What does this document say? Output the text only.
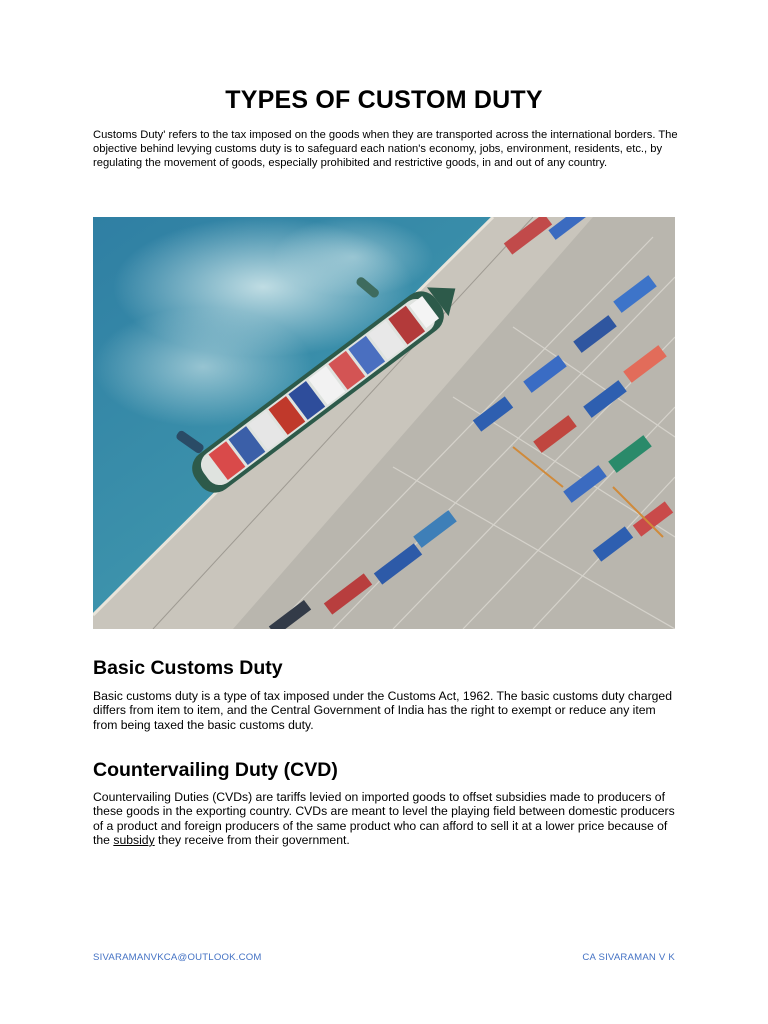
TYPES OF CUSTOM DUTY

Customs Duty' refers to the tax imposed on the goods when they are transported across the international borders. The objective behind levying customs duty is to safeguard each nation's economy, jobs, environment, residents, etc., by regulating the movement of goods, especially prohibited and restrictive goods, in and out of any country.

Basic Customs Duty

Basic customs duty is a type of tax imposed under the Customs Act, 1962. The basic customs duty charged differs from item to item, and the Central Government of India has the right to exempt or reduce any item from being taxed the basic customs duty.

Countervailing Duty (CVD)

Countervailing Duties (CVDs) are tariffs levied on imported goods to offset subsidies made to producers of these goods in the exporting country. CVDs are meant to level the playing field between domestic producers of a product and foreign producers of the same product who can afford to sell it at a lower price because of the subsidy they receive from their government.

SIVARAMANVKCA@OUTLOOK.COM	CA SIVARAMAN V K
